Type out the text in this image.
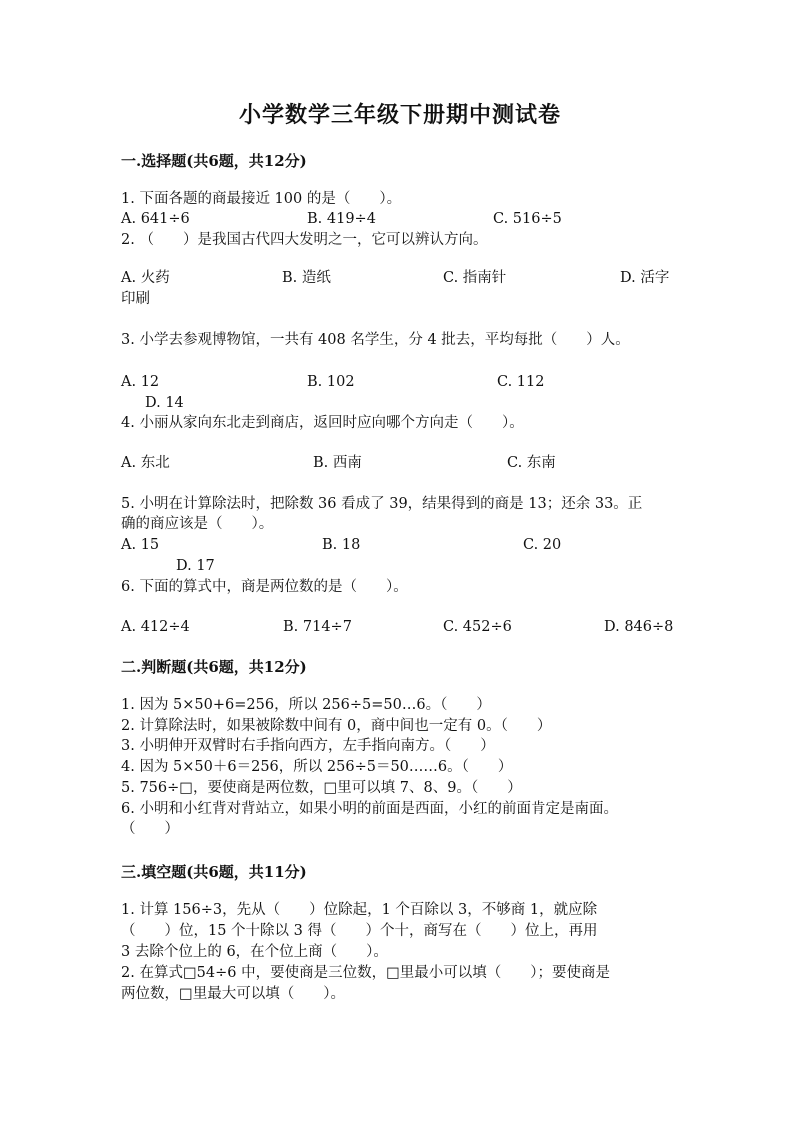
小学数学三年级下册期中测试卷
一.选择题(共6题，共12分)
1. 下面各题的商最接近 100 的是（　　）。
A. 641÷6	B. 419÷4	C. 516÷5
2. （　　）是我国古代四大发明之一，它可以辨认方向。
A. 火药	B. 造纸	C. 指南针	D. 活字
印刷
3. 小学去参观博物馆，一共有 408 名学生，分 4 批去，平均每批（　　）人。
A. 12	B. 102	C. 112
D. 14
4. 小丽从家向东北走到商店，返回时应向哪个方向走（　　）。
A. 东北	B. 西南	C. 东南
5. 小明在计算除法时，把除数 36 看成了 39，结果得到的商是 13；还余 33。正
确的商应该是（　　）。
A. 15	B. 18	C. 20
D. 17
6. 下面的算式中，商是两位数的是（　　）。
A. 412÷4	B. 714÷7	C. 452÷6	D. 846÷8
二.判断题(共6题，共12分)
1. 因为 5×50+6=256，所以 256÷5=50…6。（　　）
2. 计算除法时，如果被除数中间有 0，商中间也一定有 0。（　　）
3. 小明伸开双臂时右手指向西方，左手指向南方。（　　）
4. 因为 5×50＋6＝256，所以 256÷5＝50……6。（　　）
5. 756÷□，要使商是两位数，□里可以填 7、8、9。（　　）
6. 小明和小红背对背站立，如果小明的前面是西面，小红的前面肯定是南面。
（　　）
三.填空题(共6题，共11分)
1. 计算 156÷3，先从（　　）位除起，1 个百除以 3，不够商 1，就应除
（　　）位，15 个十除以 3 得（　　）个十，商写在（　　）位上，再用
3 去除个位上的 6，在个位上商（　　）。
2. 在算式□54÷6 中，要使商是三位数，□里最小可以填（　　）；要使商是
两位数，□里最大可以填（　　）。
